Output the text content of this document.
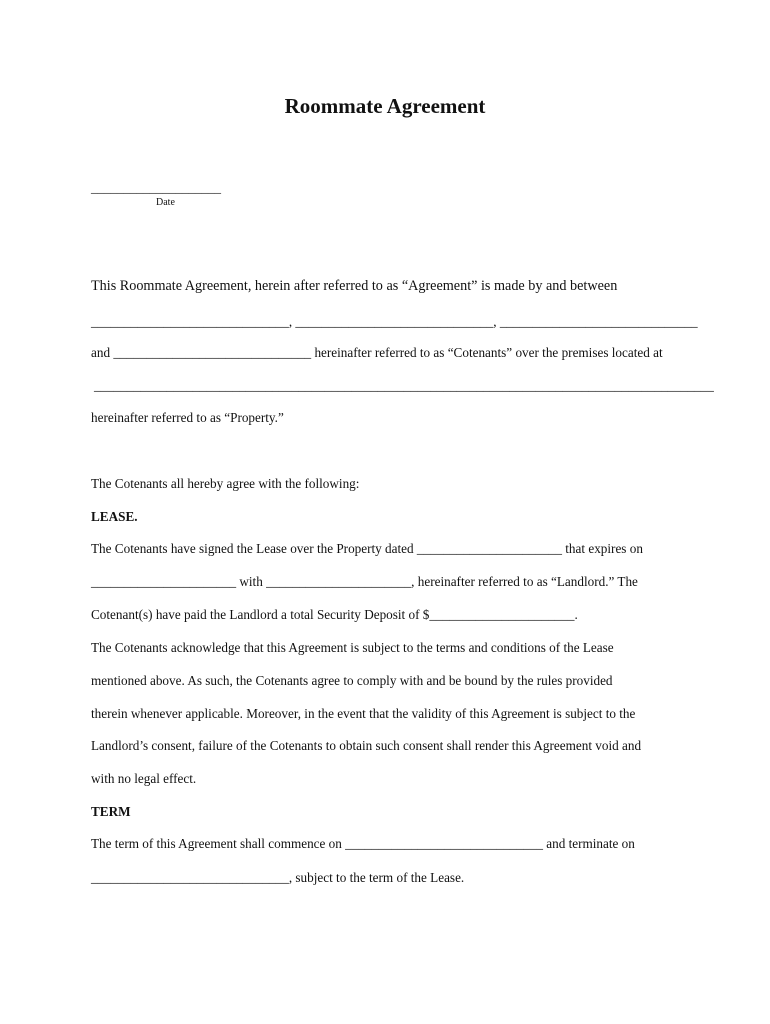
Roommate Agreement
____________________
Date
This Roommate Agreement, herein after referred to as “Agreement” is made by and between
______________________________, ______________________________, ______________________________
and ______________________________ hereinafter referred to as “Cotenants” over the premises located at
______________________________________________________________________________________________
hereinafter referred to as “Property.”
The Cotenants all hereby agree with the following:
LEASE.
The Cotenants have signed the Lease over the Property dated ______________________ that expires on
______________________ with ______________________, hereinafter referred to as “Landlord.” The
Cotenant(s) have paid the Landlord a total Security Deposit of $______________________.
The Cotenants acknowledge that this Agreement is subject to the terms and conditions of the Lease
mentioned above. As such, the Cotenants agree to comply with and be bound by the rules provided
therein whenever applicable. Moreover, in the event that the validity of this Agreement is subject to the
Landlord’s consent, failure of the Cotenants to obtain such consent shall render this Agreement void and
with no legal effect.
TERM
The term of this Agreement shall commence on ______________________________ and terminate on
______________________________, subject to the term of the Lease.
